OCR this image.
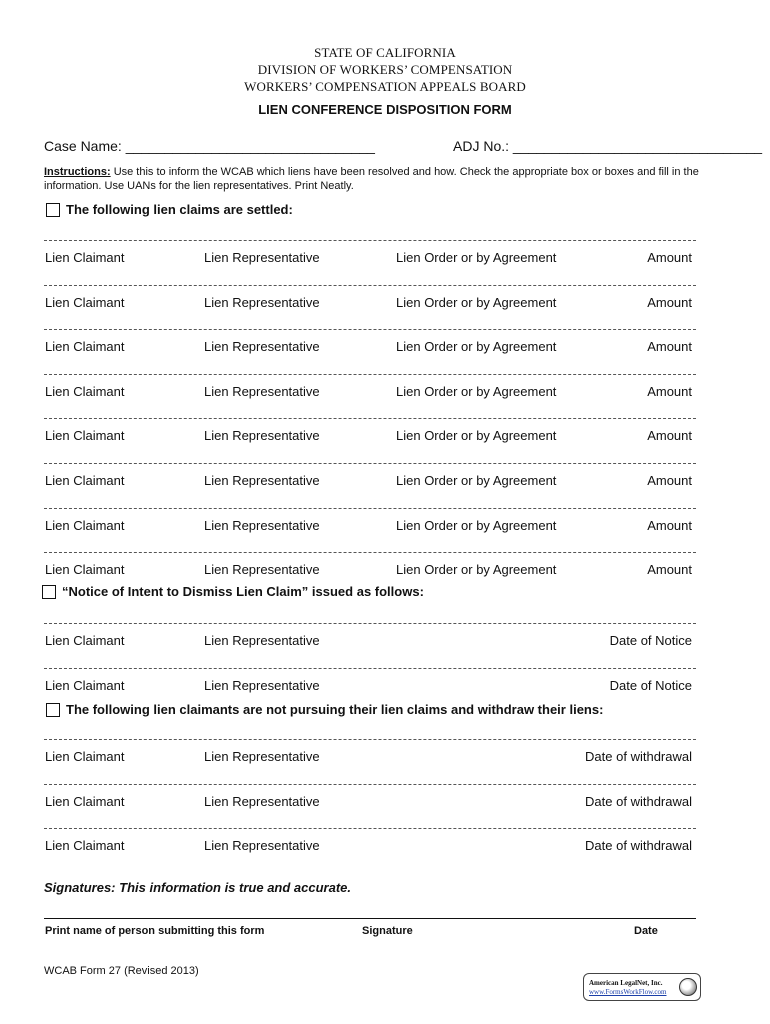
STATE OF CALIFORNIA
DIVISION OF WORKERS’ COMPENSATION
WORKERS’ COMPENSATION APPEALS BOARD
LIEN CONFERENCE DISPOSITION FORM
Case Name: ________________________________	ADJ No.: ________________________________
Instructions: Use this to inform the WCAB which liens have been resolved and how. Check the appropriate box or boxes and fill in the information. Use UANs for the lien representatives. Print Neatly.
The following lien claims are settled:
Lien Claimant	Lien Representative	Lien Order or by Agreement	Amount
Lien Claimant	Lien Representative	Lien Order or by Agreement	Amount
Lien Claimant	Lien Representative	Lien Order or by Agreement	Amount
Lien Claimant	Lien Representative	Lien Order or by Agreement	Amount
Lien Claimant	Lien Representative	Lien Order or by Agreement	Amount
Lien Claimant	Lien Representative	Lien Order or by Agreement	Amount
Lien Claimant	Lien Representative	Lien Order or by Agreement	Amount
Lien Claimant	Lien Representative	Lien Order or by Agreement	Amount
“Notice of Intent to Dismiss Lien Claim” issued as follows:
Lien Claimant	Lien Representative	Date of Notice
Lien Claimant	Lien Representative	Date of Notice
The following lien claimants are not pursuing their lien claims and withdraw their liens:
Lien Claimant	Lien Representative	Date of withdrawal
Lien Claimant	Lien Representative	Date of withdrawal
Lien Claimant	Lien Representative	Date of withdrawal
Signatures: This information is true and accurate.
Print name of person submitting this form	Signature	Date
WCAB Form 27 (Revised 2013)
American LegalNet, Inc.
www.FormsWorkFlow.com
